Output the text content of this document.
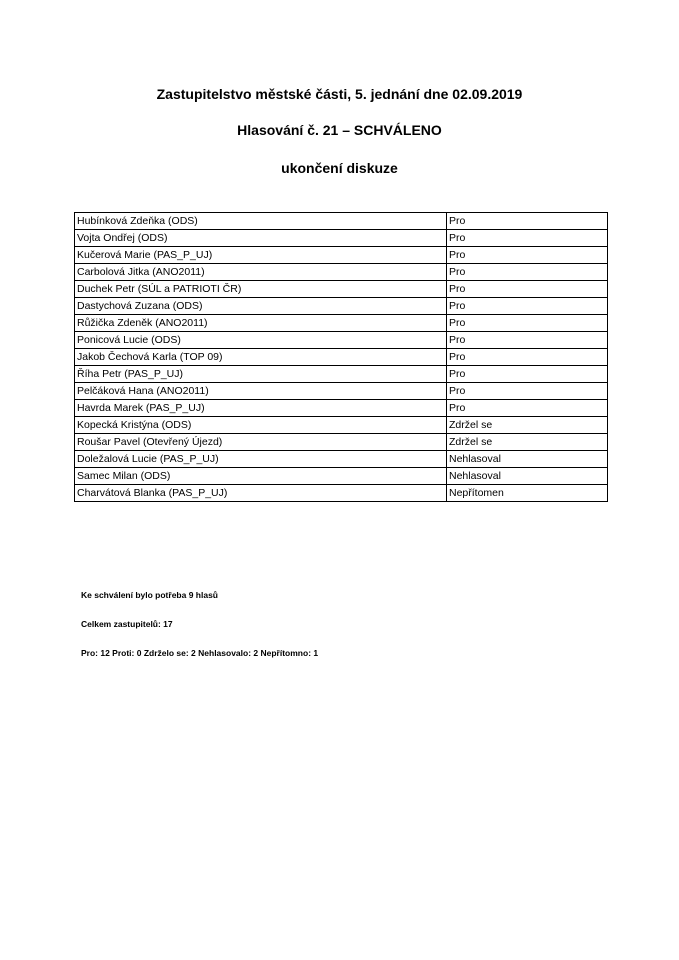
Zastupitelstvo městské části, 5. jednání dne 02.09.2019

Hlasování č. 21 – SCHVÁLENO

ukončení diskuze

Hubínková Zdeňka (ODS)	Pro
Vojta Ondřej (ODS)	Pro
Kučerová Marie (PAS_P_UJ)	Pro
Carbolová Jitka (ANO2011)	Pro
Duchek Petr (SÚL a PATRIOTI ČR)	Pro
Dastychová Zuzana (ODS)	Pro
Růžička Zdeněk (ANO2011)	Pro
Ponicová Lucie (ODS)	Pro
Jakob Čechová Karla (TOP 09)	Pro
Říha Petr (PAS_P_UJ)	Pro
Pelčáková Hana (ANO2011)	Pro
Havrda Marek (PAS_P_UJ)	Pro
Kopecká Kristýna (ODS)	Zdržel se
Roušar Pavel (Otevřený Újezd)	Zdržel se
Doležalová Lucie (PAS_P_UJ)	Nehlasoval
Samec Milan (ODS)	Nehlasoval
Charvátová Blanka (PAS_P_UJ)	Nepřítomen

Ke schválení bylo potřeba 9 hlasů

Celkem zastupitelů: 17

Pro: 12 Proti: 0 Zdrželo se: 2 Nehlasovalo: 2 Nepřítomno: 1
